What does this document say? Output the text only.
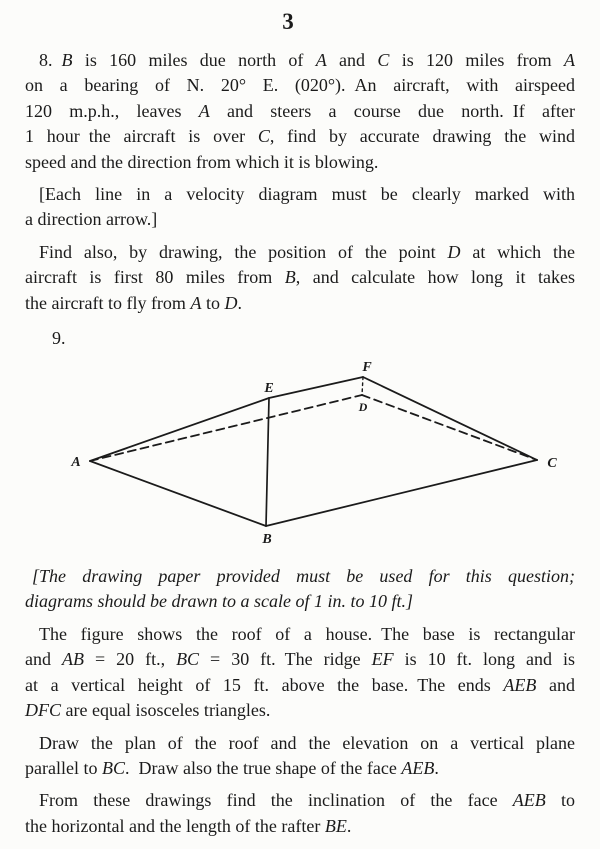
3
8. B is 160 miles due north of A and C is 120 miles from A
on a bearing of N. 20° E. (020°). An aircraft, with airspeed
120 m.p.h., leaves A and steers a course due north. If after
1 hour the aircraft is over C, find by accurate drawing the wind
speed and the direction from which it is blowing.
[Each line in a velocity diagram must be clearly marked with
a direction arrow.]
Find also, by drawing, the position of the point D at which the
aircraft is first 80 miles from B, and calculate how long it takes
the aircraft to fly from A to D.
9.
A
B
C
D
E
F
[The drawing paper provided must be used for this question;
diagrams should be drawn to a scale of 1 in. to 10 ft.]
The figure shows the roof of a house. The base is rectangular
and AB = 20 ft., BC = 30 ft. The ridge EF is 10 ft. long and is
at a vertical height of 15 ft. above the base. The ends AEB and
DFC are equal isosceles triangles.
Draw the plan of the roof and the elevation on a vertical plane
parallel to BC. Draw also the true shape of the face AEB.
From these drawings find the inclination of the face AEB to
the horizontal and the length of the rafter BE.
